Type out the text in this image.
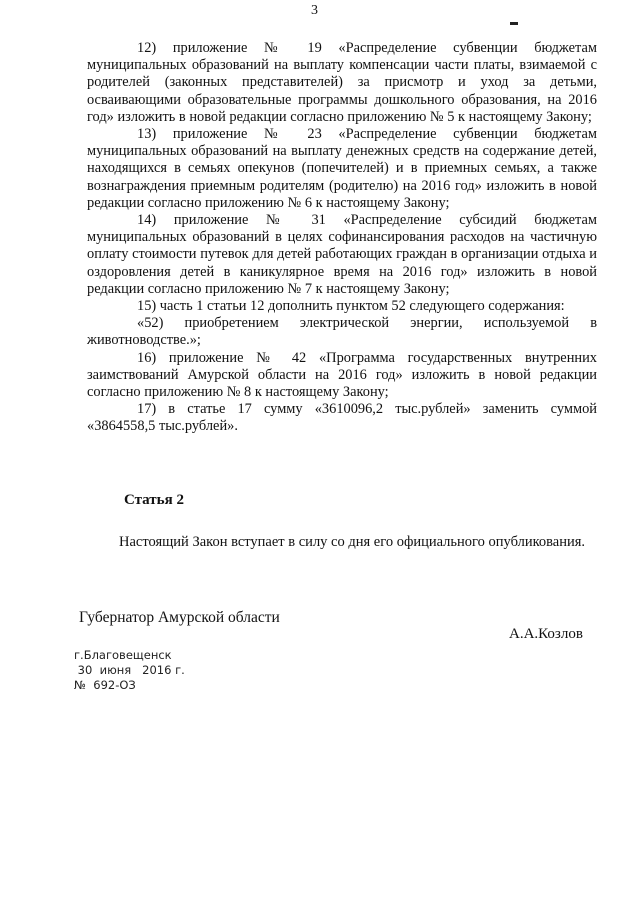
3

12) приложение № 19 «Распределение субвенции бюджетам муниципальных образований на выплату компенсации части платы, взимаемой с родителей (законных представителей) за присмотр и уход за детьми, осваивающими образовательные программы дошкольного образования, на 2016 год» изложить в новой редакции согласно приложению № 5 к настоящему Закону;

13) приложение № 23 «Распределение субвенции бюджетам муниципальных образований на выплату денежных средств на содержание детей, находящихся в семьях опекунов (попечителей) и в приемных семьях, а также вознаграждения приемным родителям (родителю) на 2016 год» изложить в новой редакции согласно приложению № 6 к настоящему Закону;

14) приложение № 31 «Распределение субсидий бюджетам муниципальных образований в целях софинансирования расходов на частичную оплату стоимости путевок для детей работающих граждан в организации отдыха и оздоровления детей в каникулярное время на 2016 год» изложить в новой редакции согласно приложению № 7 к настоящему Закону;

15) часть 1 статьи 12 дополнить пунктом 52 следующего содержания:

«52) приобретением электрической энергии, используемой в животноводстве.»;

16) приложение № 42 «Программа государственных внутренних заимствований Амурской области на 2016 год» изложить в новой редакции согласно приложению № 8 к настоящему Закону;

17) в статье 17 сумму «3610096,2 тыс.рублей» заменить суммой «3864558,5 тыс.рублей».

Статья 2

Настоящий Закон вступает в силу со дня его официального опубликования.

Губернатор Амурской области
А.А.Козлов
г.Благовещенск
30  июня   2016 г.
№  692-ОЗ
